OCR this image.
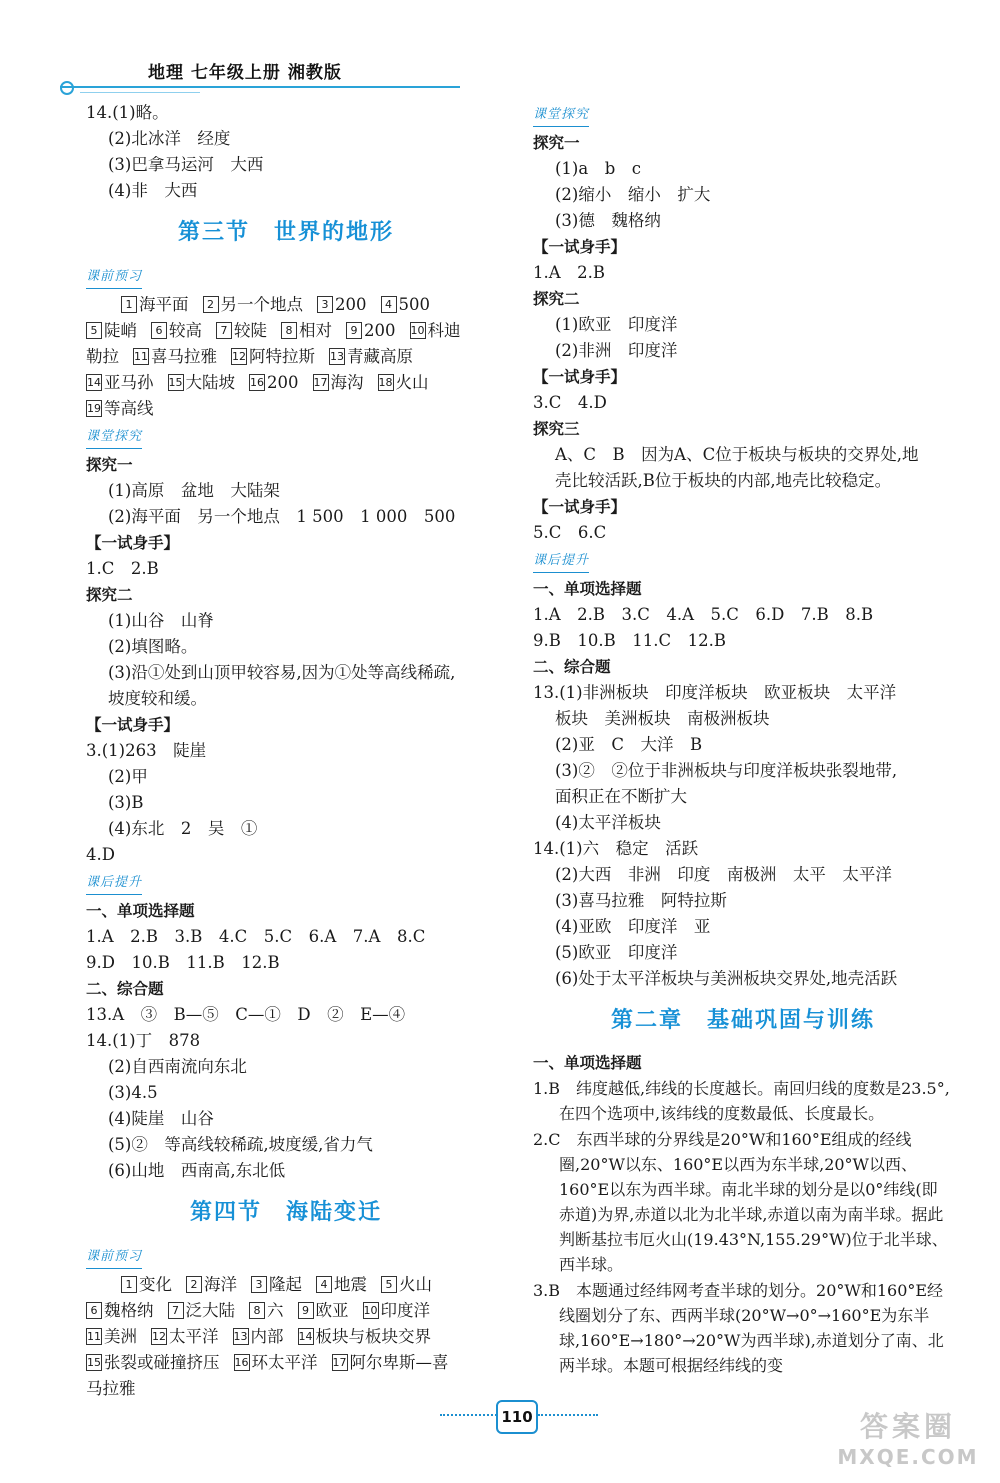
地理 七年级上册 湘教版
14.(1)略。
(2)北冰洋　经度
(3)巴拿马运河　大西
(4)非　大西
第三节　世界的地形
课前预习
1 海平面 2 另一个地点 3 200 4 500
5 陡峭 6 较高 7 较陡 8 相对 9 200 10 科迪
勒拉 11 喜马拉雅 12 阿特拉斯 13 青藏高原
14 亚马孙 15 大陆坡 16 200 17 海沟 18 火山
19 等高线
课堂探究
探究一
(1)高原　盆地　大陆架
(2)海平面　另一个地点　1 500　1 000　500
【一试身手】
1.C　2.B
探究二
(1)山谷　山脊
(2)填图略。
(3)沿①处到山顶甲较容易,因为①处等高线稀疏,
坡度较和缓。
【一试身手】
3.(1)263　陡崖
(2)甲
(3)B
(4)东北　2　吴　①
4.D
课后提升
一、单项选择题
1.A　2.B　3.B　4.C　5.C　6.A　7.A　8.C
9.D　10.B　11.B　12.B
二、综合题
13.A　③　B—⑤　C—①　D　②　E—④
14.(1)丁　878
(2)自西南流向东北
(3)4.5
(4)陡崖　山谷
(5)②　等高线较稀疏,坡度缓,省力气
(6)山地　西南高,东北低
第四节　海陆变迁
课前预习
1 变化 2 海洋 3 隆起 4 地震 5 火山
6 魏格纳 7 泛大陆 8 六 9 欧亚 10 印度洋
11 美洲 12 太平洋 13 内部 14 板块与板块交界
15 张裂或碰撞挤压 16 环太平洋 17 阿尔卑斯—喜
马拉雅
课堂探究
探究一
(1)a　b　c
(2)缩小　缩小　扩大
(3)德　魏格纳
【一试身手】
1.A　2.B
探究二
(1)欧亚　印度洋
(2)非洲　印度洋
【一试身手】
3.C　4.D
探究三
A、C　B　因为A、C位于板块与板块的交界处,地
壳比较活跃,B位于板块的内部,地壳比较稳定。
【一试身手】
5.C　6.C
课后提升
一、单项选择题
1.A　2.B　3.C　4.A　5.C　6.D　7.B　8.B
9.B　10.B　11.C　12.B
二、综合题
13.(1)非洲板块　印度洋板块　欧亚板块　太平洋
板块　美洲板块　南极洲板块
(2)亚　C　大洋　B
(3)②　②位于非洲板块与印度洋板块张裂地带,
面积正在不断扩大
(4)太平洋板块
14.(1)六　稳定　活跃
(2)大西　非洲　印度　南极洲　太平　太平洋
(3)喜马拉雅　阿特拉斯
(4)亚欧　印度洋　亚
(5)欧亚　印度洋
(6)处于太平洋板块与美洲板块交界处,地壳活跃
第二章　基础巩固与训练
一、单项选择题
1.B　纬度越低,纬线的长度越长。南回归线的度数是23.5°,在四个选项中,该纬线的度数最低、长度最长。
2.C　东西半球的分界线是20°W和160°E组成的经线圈,20°W以东、160°E以西为东半球,20°W以西、160°E以东为西半球。南北半球的划分是以0°纬线(即赤道)为界,赤道以北为北半球,赤道以南为南半球。据此判断基拉韦厄火山(19.43°N,155.29°W)位于北半球、西半球。
3.B　本题通过经纬网考查半球的划分。20°W和160°E经线圈划分了东、西两半球(20°W→0°→160°E为东半球,160°E→180°→20°W为西半球),赤道划分了南、北两半球。本题可根据经纬线的变
110	答案圈
MXQE.COM
